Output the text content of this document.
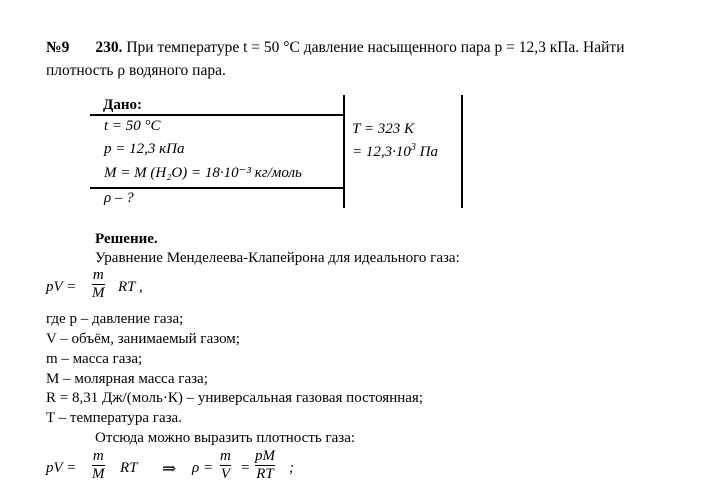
№9 230. При температуре t = 50 °С давление насыщенного пара p = 12,3 кПа. Найти
плотность ρ водяного пара.
Дано:
t = 50 °C
p = 12,3 кПа
M = M (H₂O) = 18·10⁻³ кг/моль
ρ – ?
T = 323 К
= $12,3\cdot 10^3$ Па
Решение.
Уравнение Менделеева-Клапейрона для идеального газа:
pV =
m
M RT ,
где p – давление газа;
V – объём, занимаемый газом;
m – масса газа;
M – молярная масса газа;
R = 8,31 Дж/(моль·К) – универсальная газовая постоянная;
T – температура газа.
Отсюда можно выразить плотность газа:
pV =
m
M RT ⇒ ρ =
m
V =
pM
RT ;
